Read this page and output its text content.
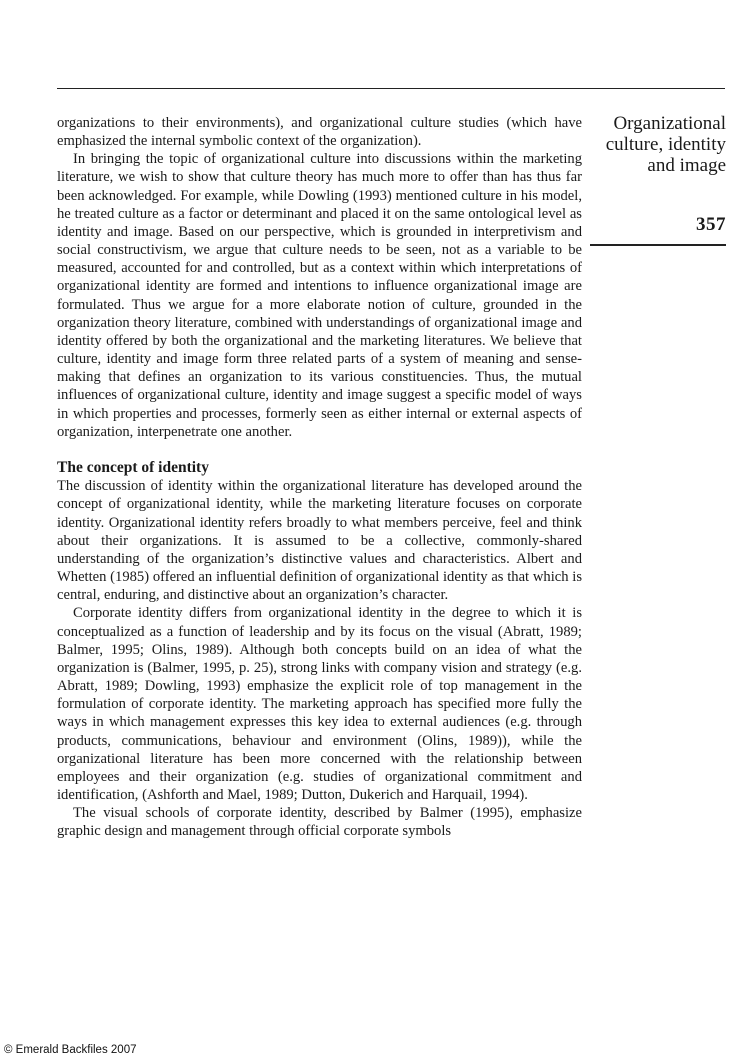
Organizational
culture, identity
and image
357

organizations to their environments), and organizational culture studies (which have emphasized the internal symbolic context of the organization).

In bringing the topic of organizational culture into discussions within the marketing literature, we wish to show that culture theory has much more to offer than has thus far been acknowledged. For example, while Dowling (1993) mentioned culture in his model, he treated culture as a factor or determinant and placed it on the same ontological level as identity and image. Based on our perspective, which is grounded in interpretivism and social constructivism, we argue that culture needs to be seen, not as a variable to be measured, accounted for and controlled, but as a context within which interpretations of organizational identity are formed and intentions to influence organizational image are formulated. Thus we argue for a more elaborate notion of culture, grounded in the organization theory literature, combined with understandings of organizational image and identity offered by both the organizational and the marketing literatures. We believe that culture, identity and image form three related parts of a system of meaning and sense-making that defines an organization to its various constituencies. Thus, the mutual influences of organizational culture, identity and image suggest a specific model of ways in which properties and processes, formerly seen as either internal or external aspects of organization, interpenetrate one another.

The concept of identity

The discussion of identity within the organizational literature has developed around the concept of organizational identity, while the marketing literature focuses on corporate identity. Organizational identity refers broadly to what members perceive, feel and think about their organizations. It is assumed to be a collective, commonly-shared understanding of the organization’s distinctive values and characteristics. Albert and Whetten (1985) offered an influential definition of organizational identity as that which is central, enduring, and distinctive about an organization’s character.

Corporate identity differs from organizational identity in the degree to which it is conceptualized as a function of leadership and by its focus on the visual (Abratt, 1989; Balmer, 1995; Olins, 1989). Although both concepts build on an idea of what the organization is (Balmer, 1995, p. 25), strong links with company vision and strategy (e.g. Abratt, 1989; Dowling, 1993) emphasize the explicit role of top management in the formulation of corporate identity. The marketing approach has specified more fully the ways in which management expresses this key idea to external audiences (e.g. through products, communications, behaviour and environment (Olins, 1989)), while the organizational literature has been more concerned with the relationship between employees and their organization (e.g. studies of organizational commitment and identification, (Ashforth and Mael, 1989; Dutton, Dukerich and Harquail, 1994).

The visual schools of corporate identity, described by Balmer (1995), emphasize graphic design and management through official corporate symbols

© Emerald Backfiles 2007
